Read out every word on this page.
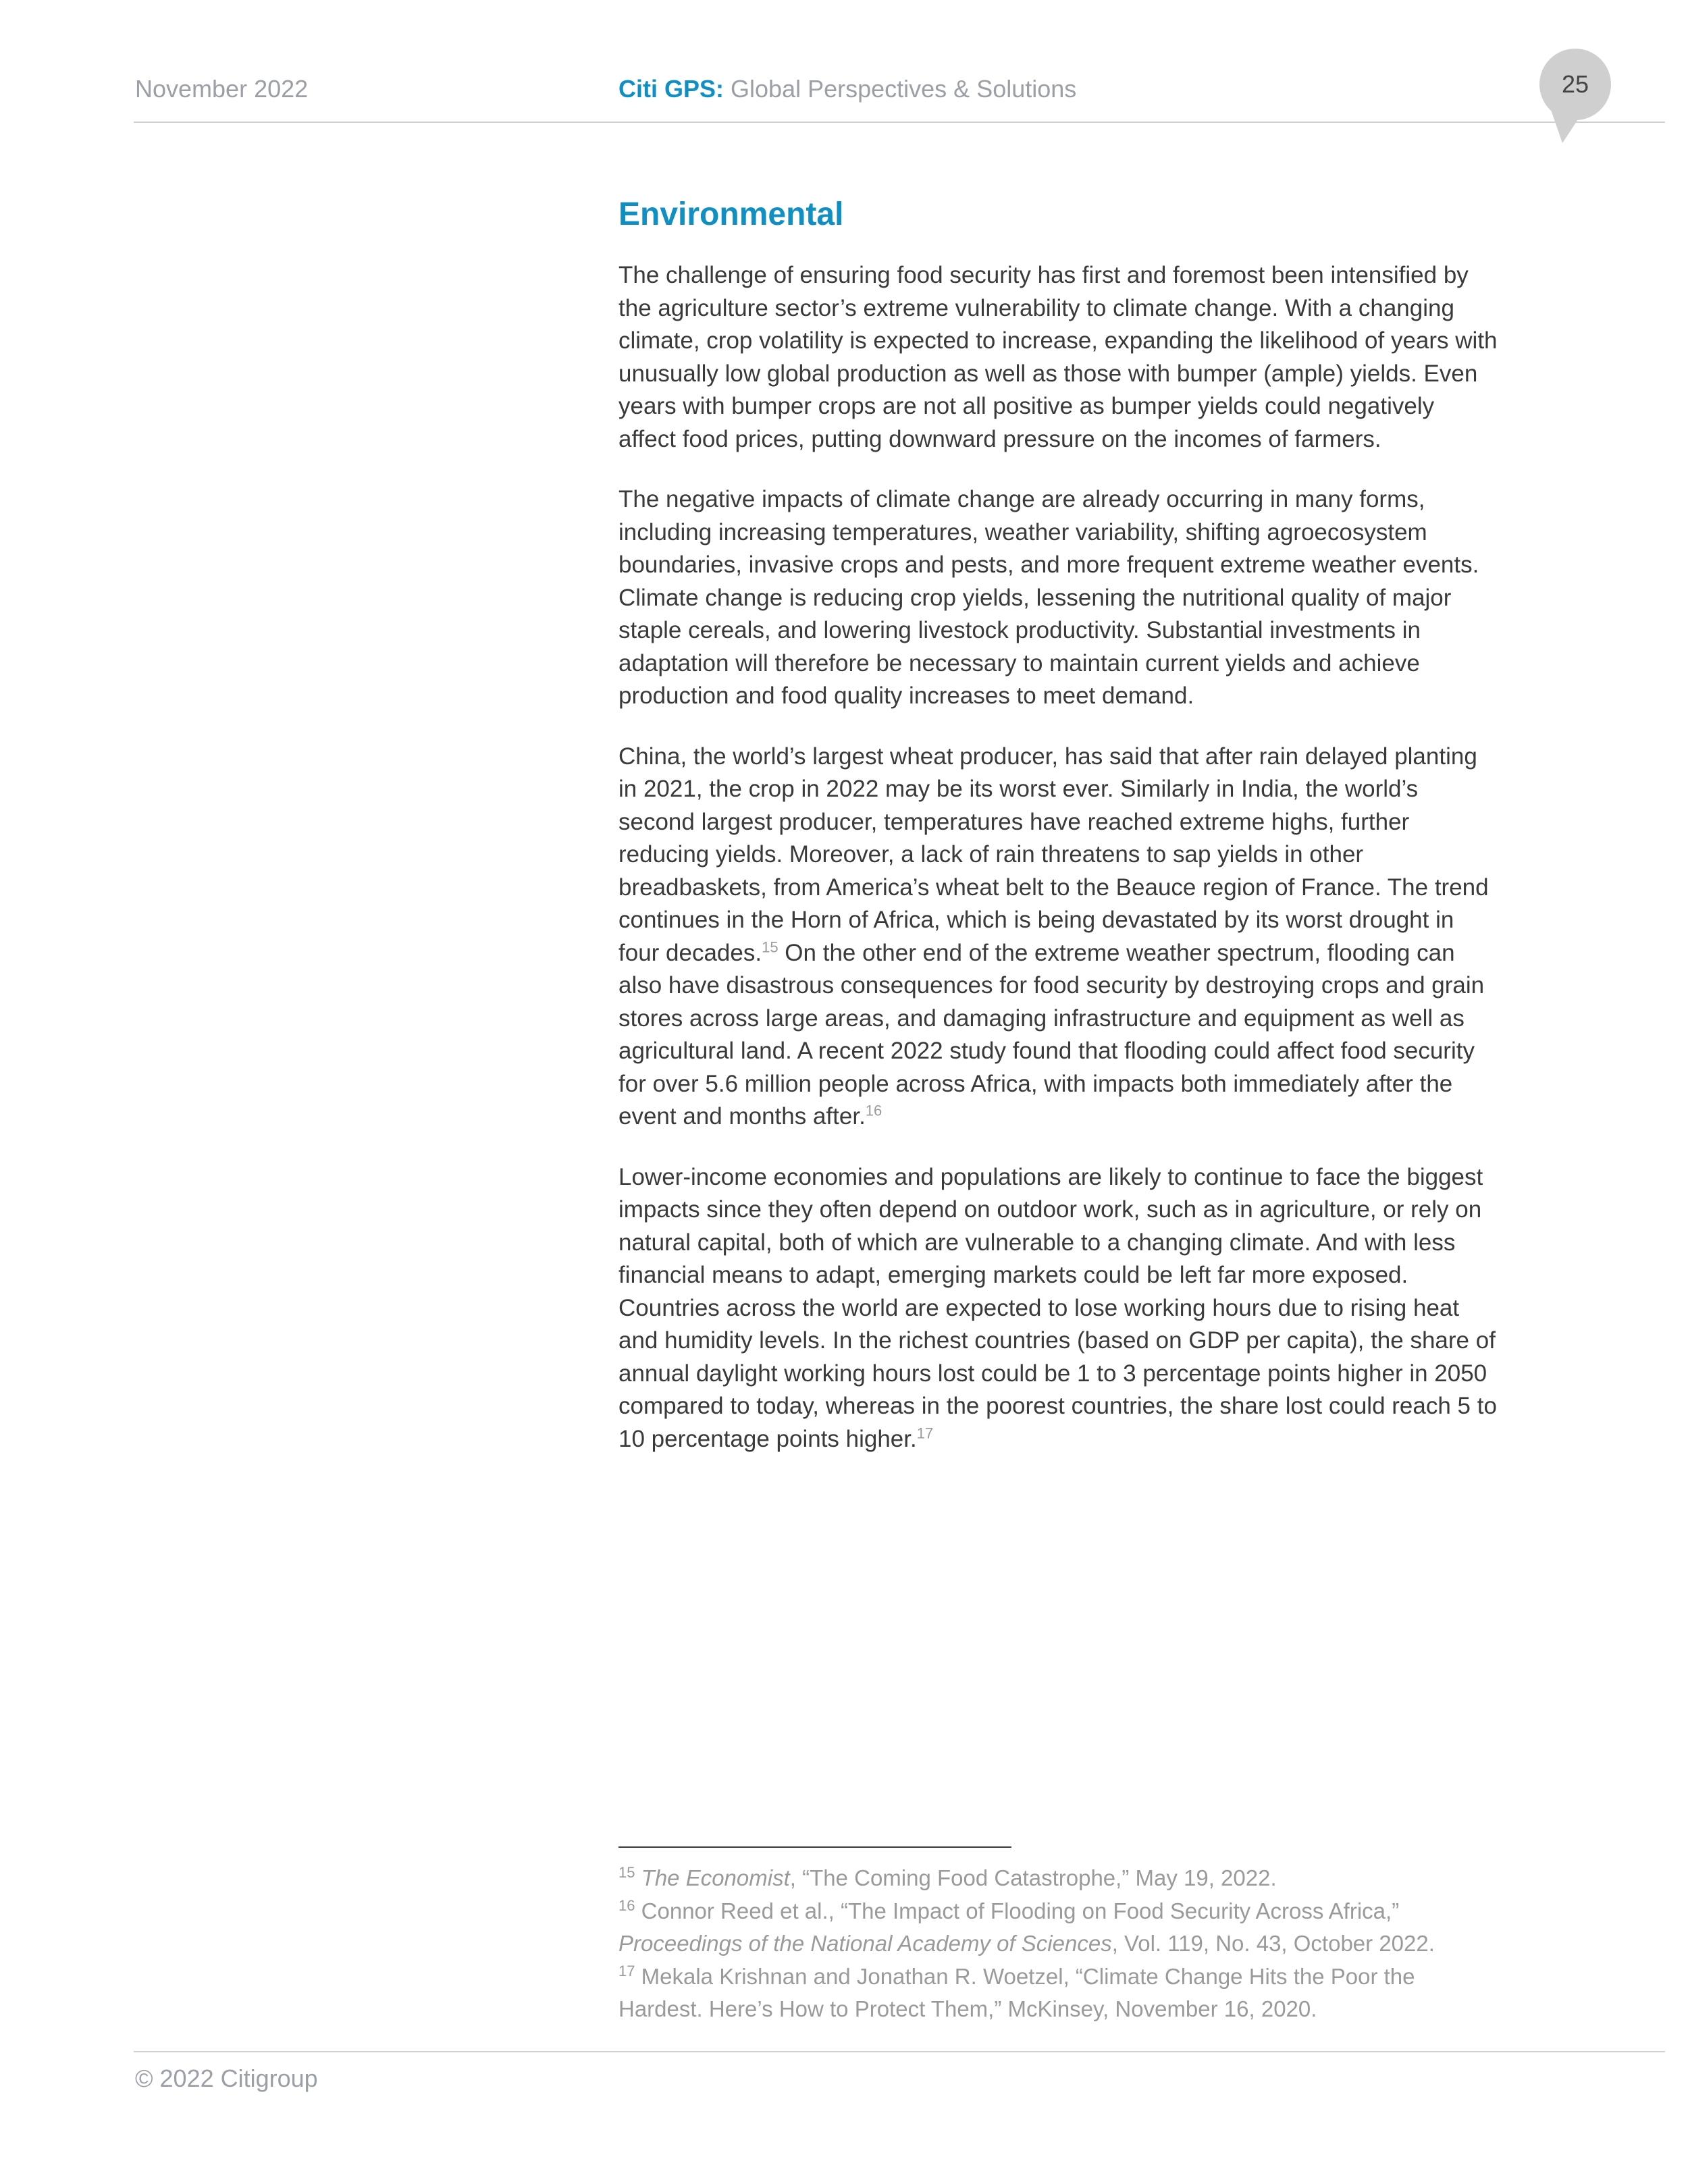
November 2022	Citi GPS: Global Perspectives & Solutions	25
Environmental

The challenge of ensuring food security has first and foremost been intensified by
the agriculture sector’s extreme vulnerability to climate change. With a changing
climate, crop volatility is expected to increase, expanding the likelihood of years with
unusually low global production as well as those with bumper (ample) yields. Even
years with bumper crops are not all positive as bumper yields could negatively
affect food prices, putting downward pressure on the incomes of farmers.

The negative impacts of climate change are already occurring in many forms,
including increasing temperatures, weather variability, shifting agroecosystem
boundaries, invasive crops and pests, and more frequent extreme weather events.
Climate change is reducing crop yields, lessening the nutritional quality of major
staple cereals, and lowering livestock productivity. Substantial investments in
adaptation will therefore be necessary to maintain current yields and achieve
production and food quality increases to meet demand.

China, the world’s largest wheat producer, has said that after rain delayed planting
in 2021, the crop in 2022 may be its worst ever. Similarly in India, the world’s
second largest producer, temperatures have reached extreme highs, further
reducing yields. Moreover, a lack of rain threatens to sap yields in other
breadbaskets, from America’s wheat belt to the Beauce region of France. The trend
continues in the Horn of Africa, which is being devastated by its worst drought in
four decades.$^{15}$ On the other end of the extreme weather spectrum, flooding can
also have disastrous consequences for food security by destroying crops and grain
stores across large areas, and damaging infrastructure and equipment as well as
agricultural land. A recent 2022 study found that flooding could affect food security
for over 5.6 million people across Africa, with impacts both immediately after the
event and months after.$^{16}$

Lower-income economies and populations are likely to continue to face the biggest
impacts since they often depend on outdoor work, such as in agriculture, or rely on
natural capital, both of which are vulnerable to a changing climate. And with less
financial means to adapt, emerging markets could be left far more exposed.
Countries across the world are expected to lose working hours due to rising heat
and humidity levels. In the richest countries (based on GDP per capita), the share of
annual daylight working hours lost could be 1 to 3 percentage points higher in 2050
compared to today, whereas in the poorest countries, the share lost could reach 5 to
10 percentage points higher.$^{17}$

$^{15}$ The Economist, “The Coming Food Catastrophe,” May 19, 2022.
$^{16}$ Connor Reed et al., “The Impact of Flooding on Food Security Across Africa,”
Proceedings of the National Academy of Sciences, Vol. 119, No. 43, October 2022.
$^{17}$ Mekala Krishnan and Jonathan R. Woetzel, “Climate Change Hits the Poor the
Hardest. Here’s How to Protect Them,” McKinsey, November 16, 2020.
© 2022 Citigroup
